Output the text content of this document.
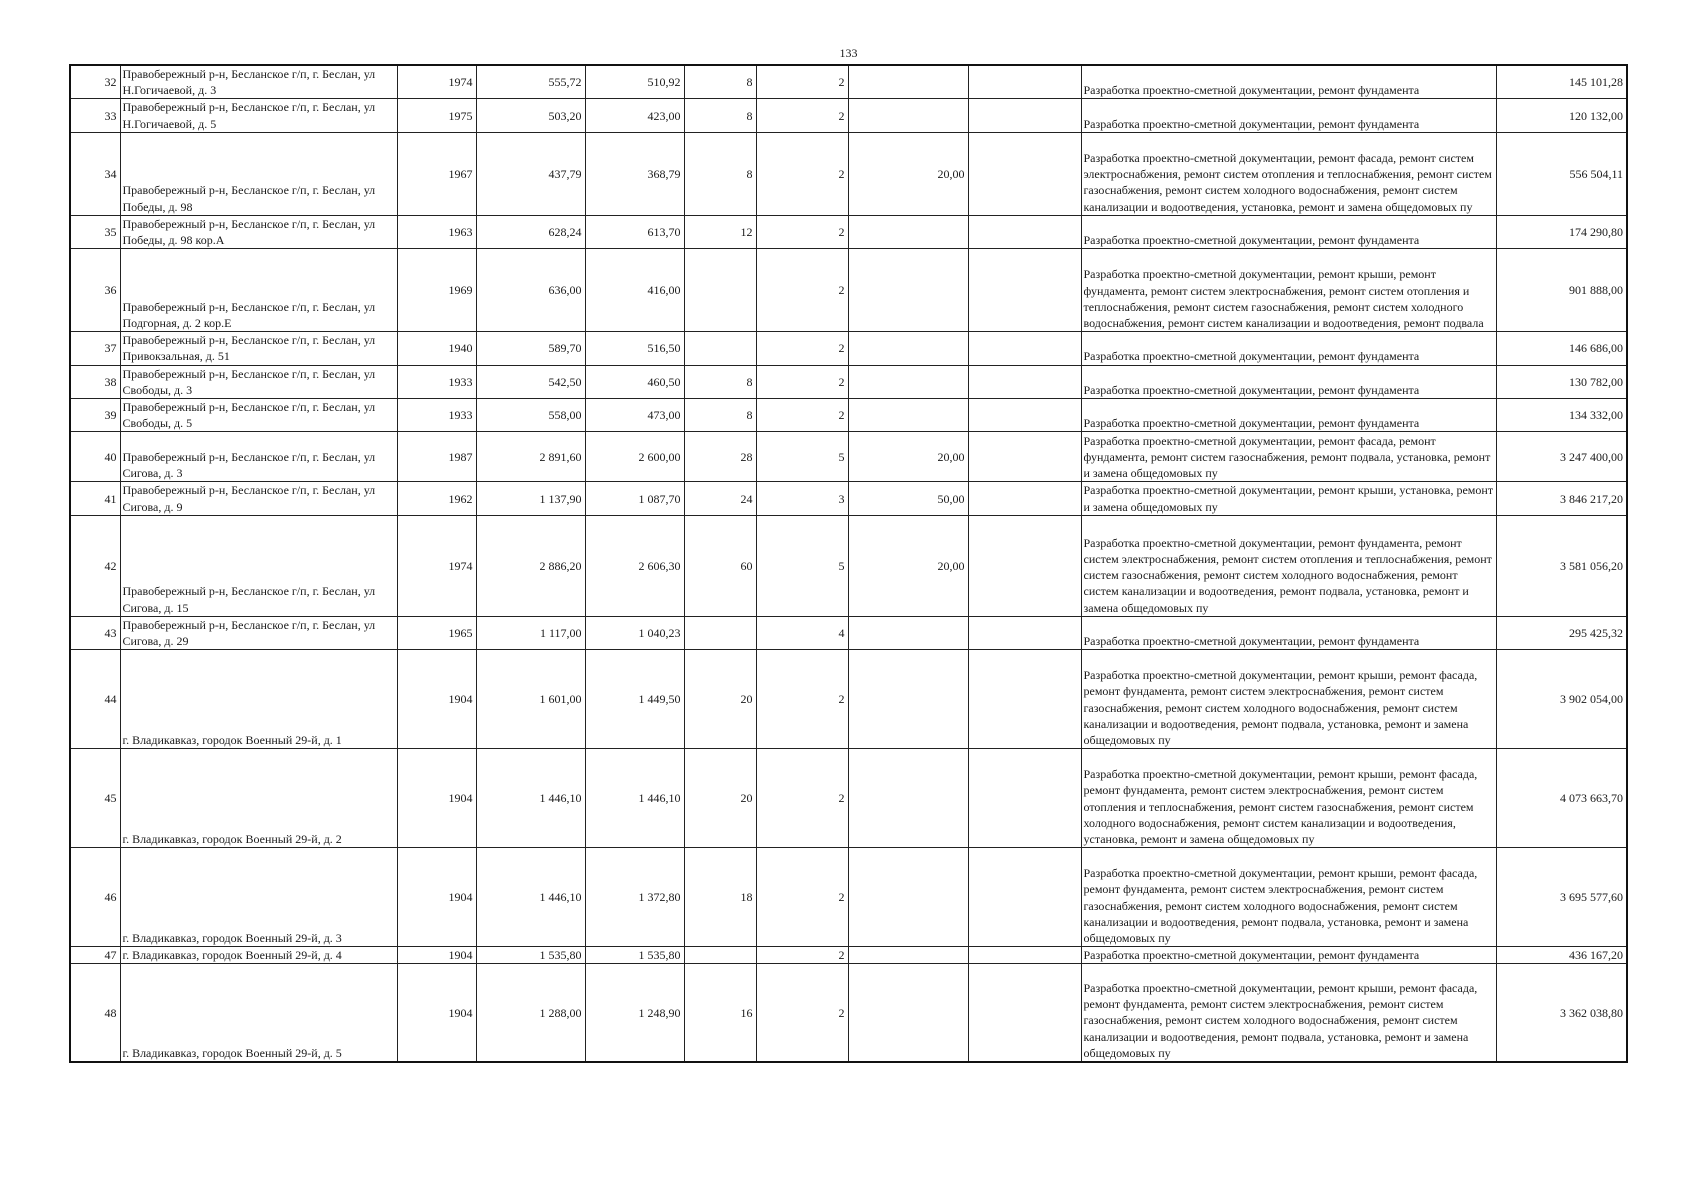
133
32	Правобережный р-н, Бесланское г/п, г. Беслан, ул Н.Гогичаевой, д. 3	1974	555,72	510,92	8	2			Разработка проектно-сметной документации, ремонт фундамента	145 101,28
33	Правобережный р-н, Бесланское г/п, г. Беслан, ул Н.Гогичаевой, д. 5	1975	503,20	423,00	8	2			Разработка проектно-сметной документации, ремонт фундамента	120 132,00
34	Правобережный р-н, Бесланское г/п, г. Беслан, ул Победы, д. 98	1967	437,79	368,79	8	2	20,00		Разработка проектно-сметной документации, ремонт фасада, ремонт систем электроснабжения, ремонт систем отопления и теплоснабжения, ремонт систем газоснабжения, ремонт систем холодного водоснабжения, ремонт систем канализации и водоотведения, установка, ремонт и замена общедомовых пу	556 504,11
35	Правобережный р-н, Бесланское г/п, г. Беслан, ул Победы, д. 98 кор.А	1963	628,24	613,70	12	2			Разработка проектно-сметной документации, ремонт фундамента	174 290,80
36	Правобережный р-н, Бесланское г/п, г. Беслан, ул Подгорная, д. 2 кор.Е	1969	636,00	416,00		2			Разработка проектно-сметной документации, ремонт крыши, ремонт фундамента, ремонт систем электроснабжения, ремонт систем отопления и теплоснабжения, ремонт систем газоснабжения, ремонт систем холодного водоснабжения, ремонт систем канализации и водоотведения, ремонт подвала	901 888,00
37	Правобережный р-н, Бесланское г/п, г. Беслан, ул Привокзальная, д. 51	1940	589,70	516,50		2			Разработка проектно-сметной документации, ремонт фундамента	146 686,00
38	Правобережный р-н, Бесланское г/п, г. Беслан, ул Свободы, д. 3	1933	542,50	460,50	8	2			Разработка проектно-сметной документации, ремонт фундамента	130 782,00
39	Правобережный р-н, Бесланское г/п, г. Беслан, ул Свободы, д. 5	1933	558,00	473,00	8	2			Разработка проектно-сметной документации, ремонт фундамента	134 332,00
40	Правобережный р-н, Бесланское г/п, г. Беслан, ул Сигова, д. 3	1987	2 891,60	2 600,00	28	5	20,00		Разработка проектно-сметной документации, ремонт фасада, ремонт фундамента, ремонт систем газоснабжения, ремонт подвала, установка, ремонт и замена общедомовых пу	3 247 400,00
41	Правобережный р-н, Бесланское г/п, г. Беслан, ул Сигова, д. 9	1962	1 137,90	1 087,70	24	3	50,00		Разработка проектно-сметной документации, ремонт крыши, установка, ремонт и замена общедомовых пу	3 846 217,20
42	Правобережный р-н, Бесланское г/п, г. Беслан, ул Сигова, д. 15	1974	2 886,20	2 606,30	60	5	20,00		Разработка проектно-сметной документации, ремонт фундамента, ремонт систем электроснабжения, ремонт систем отопления и теплоснабжения, ремонт систем газоснабжения, ремонт систем холодного водоснабжения, ремонт систем канализации и водоотведения, ремонт подвала, установка, ремонт и замена общедомовых пу	3 581 056,20
43	Правобережный р-н, Бесланское г/п, г. Беслан, ул Сигова, д. 29	1965	1 117,00	1 040,23		4			Разработка проектно-сметной документации, ремонт фундамента	295 425,32
44	г. Владикавказ, городок Военный 29-й, д. 1	1904	1 601,00	1 449,50	20	2			Разработка проектно-сметной документации, ремонт крыши, ремонт фасада, ремонт фундамента, ремонт систем электроснабжения, ремонт систем газоснабжения, ремонт систем холодного водоснабжения, ремонт систем канализации и водоотведения, ремонт подвала, установка, ремонт и замена общедомовых пу	3 902 054,00
45	г. Владикавказ, городок Военный 29-й, д. 2	1904	1 446,10	1 446,10	20	2			Разработка проектно-сметной документации, ремонт крыши, ремонт фасада, ремонт фундамента, ремонт систем электроснабжения, ремонт систем отопления и теплоснабжения, ремонт систем газоснабжения, ремонт систем холодного водоснабжения, ремонт систем канализации и водоотведения, установка, ремонт и замена общедомовых пу	4 073 663,70
46	г. Владикавказ, городок Военный 29-й, д. 3	1904	1 446,10	1 372,80	18	2			Разработка проектно-сметной документации, ремонт крыши, ремонт фасада, ремонт фундамента, ремонт систем электроснабжения, ремонт систем газоснабжения, ремонт систем холодного водоснабжения, ремонт систем канализации и водоотведения, ремонт подвала, установка, ремонт и замена общедомовых пу	3 695 577,60
47	г. Владикавказ, городок Военный 29-й, д. 4	1904	1 535,80	1 535,80		2			Разработка проектно-сметной документации, ремонт фундамента	436 167,20
48	г. Владикавказ, городок Военный 29-й, д. 5	1904	1 288,00	1 248,90	16	2			Разработка проектно-сметной документации, ремонт крыши, ремонт фасада, ремонт фундамента, ремонт систем электроснабжения, ремонт систем газоснабжения, ремонт систем холодного водоснабжения, ремонт систем канализации и водоотведения, ремонт подвала, установка, ремонт и замена общедомовых пу	3 362 038,80
